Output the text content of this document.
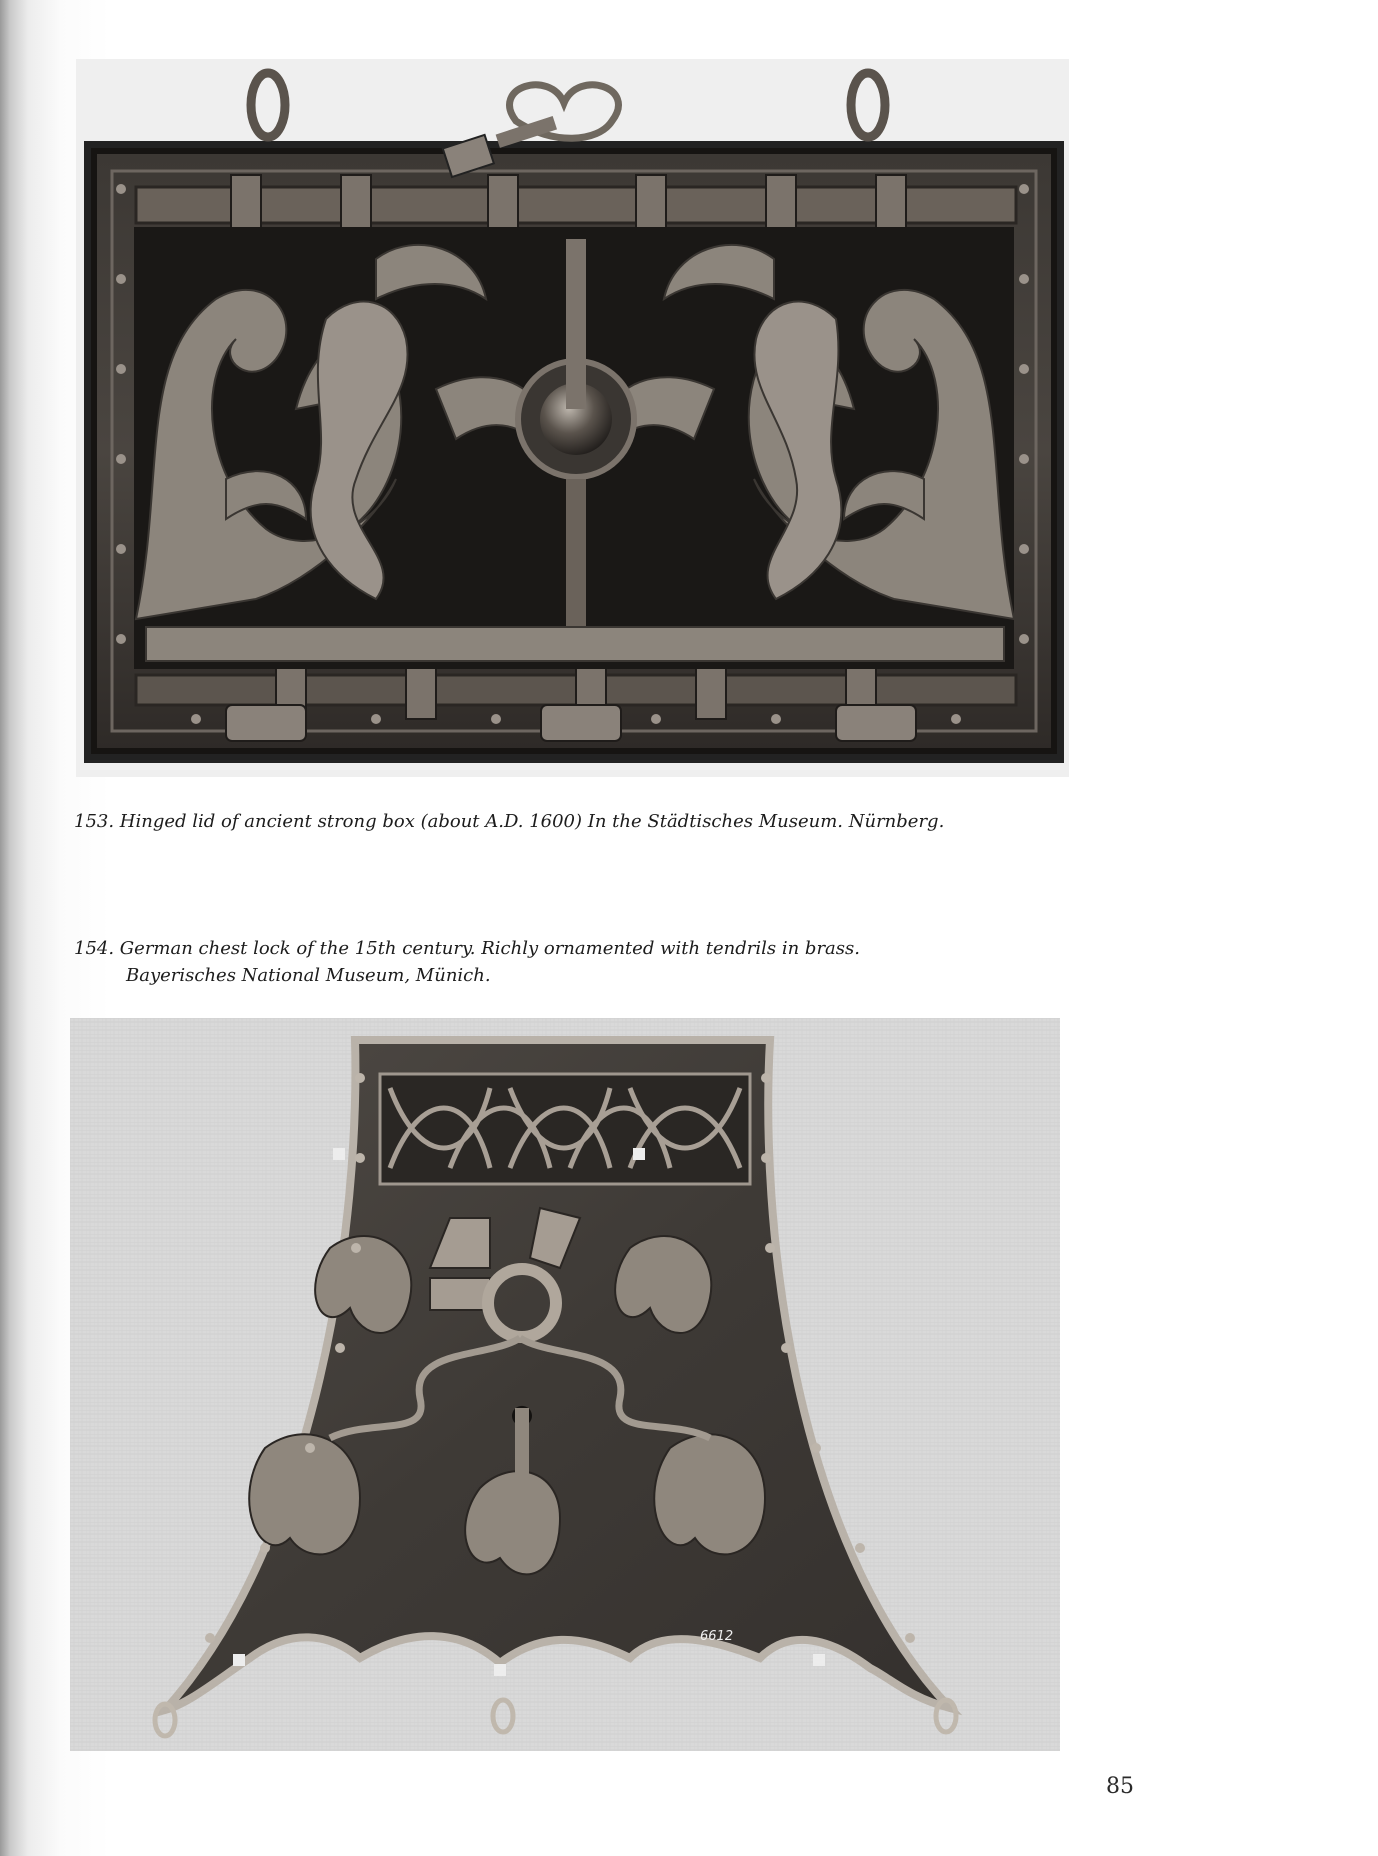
153. Hinged lid of ancient strong box (about A.D. 1600) In the Städtisches Museum. Nürnberg.
154. German chest lock of the 15th century. Richly ornamented with tendrils in brass.
Bayerisches National Museum, Münich.
6612
85
